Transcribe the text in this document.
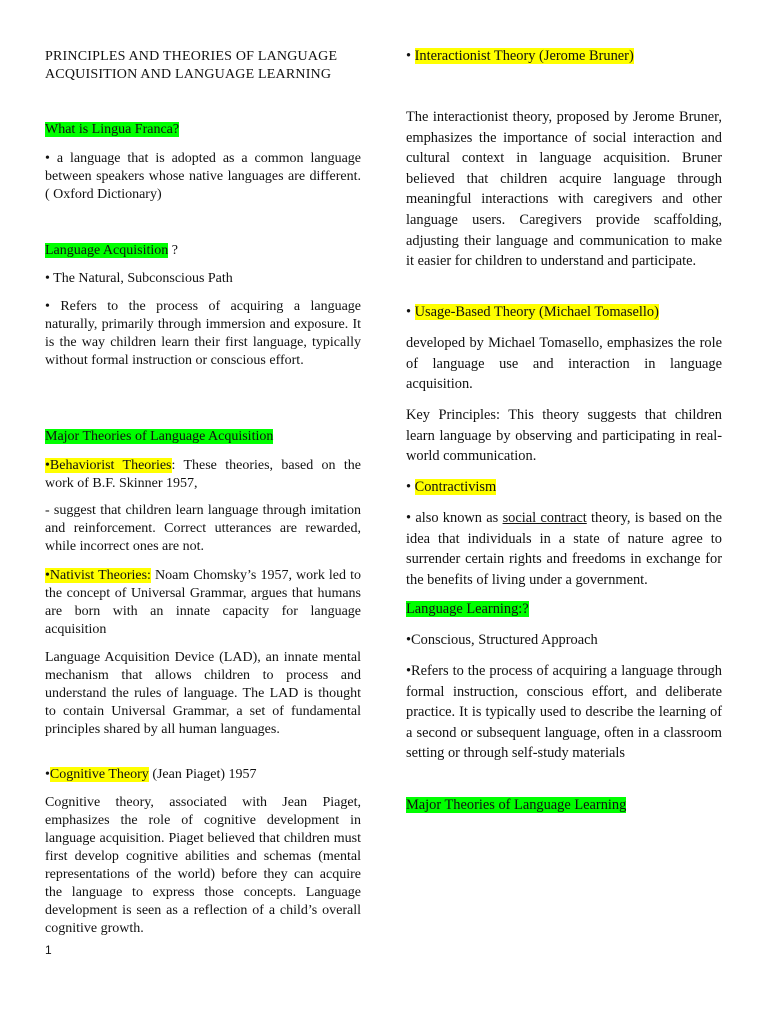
PRINCIPLES AND THEORIES OF LANGUAGE
ACQUISITION AND LANGUAGE LEARNING

What is Lingua Franca?

• a language that is adopted as a common language between speakers whose native languages are different. ( Oxford Dictionary)

Language Acquisition ?

• The Natural, Subconscious Path

• Refers to the process of acquiring a language naturally, primarily through immersion and exposure. It is the way children learn their first language, typically without formal instruction or conscious effort.

Major Theories of Language Acquisition

•Behaviorist Theories: These theories, based on the work of B.F. Skinner 1957,

- suggest that children learn language through imitation and reinforcement. Correct utterances are rewarded, while incorrect ones are not.

•Nativist Theories: Noam Chomsky’s 1957, work led to the concept of Universal Grammar, argues that humans are born with an innate capacity for language acquisition

Language Acquisition Device (LAD), an innate mental mechanism that allows children to process and understand the rules of language. The LAD is thought to contain Universal Grammar, a set of fundamental principles shared by all human languages.

•Cognitive Theory (Jean Piaget) 1957

Cognitive theory, associated with Jean Piaget, emphasizes the role of cognitive development in language acquisition. Piaget believed that children must first develop cognitive abilities and schemas (mental representations of the world) before they can acquire the language to express those concepts. Language development is seen as a reflection of a child’s overall cognitive growth.

• Interactionist Theory (Jerome Bruner)

The interactionist theory, proposed by Jerome Bruner, emphasizes the importance of social interaction and cultural context in language acquisition. Bruner believed that children acquire language through meaningful interactions with caregivers and other language users. Caregivers provide scaffolding, adjusting their language and communication to make it easier for children to understand and participate.

• Usage-Based Theory (Michael Tomasello)

developed by Michael Tomasello, emphasizes the role of language use and interaction in language acquisition.

Key Principles: This theory suggests that children learn language by observing and participating in real-world communication.

• Contractivism

• also known as social contract theory, is based on the idea that individuals in a state of nature agree to surrender certain rights and freedoms in exchange for the benefits of living under a government.

Language Learning:?

•Conscious, Structured Approach

•Refers to the process of acquiring a language through formal instruction, conscious effort, and deliberate practice. It is typically used to describe the learning of a second or subsequent language, often in a classroom setting or through self-study materials

Major Theories of Language Learning

1
